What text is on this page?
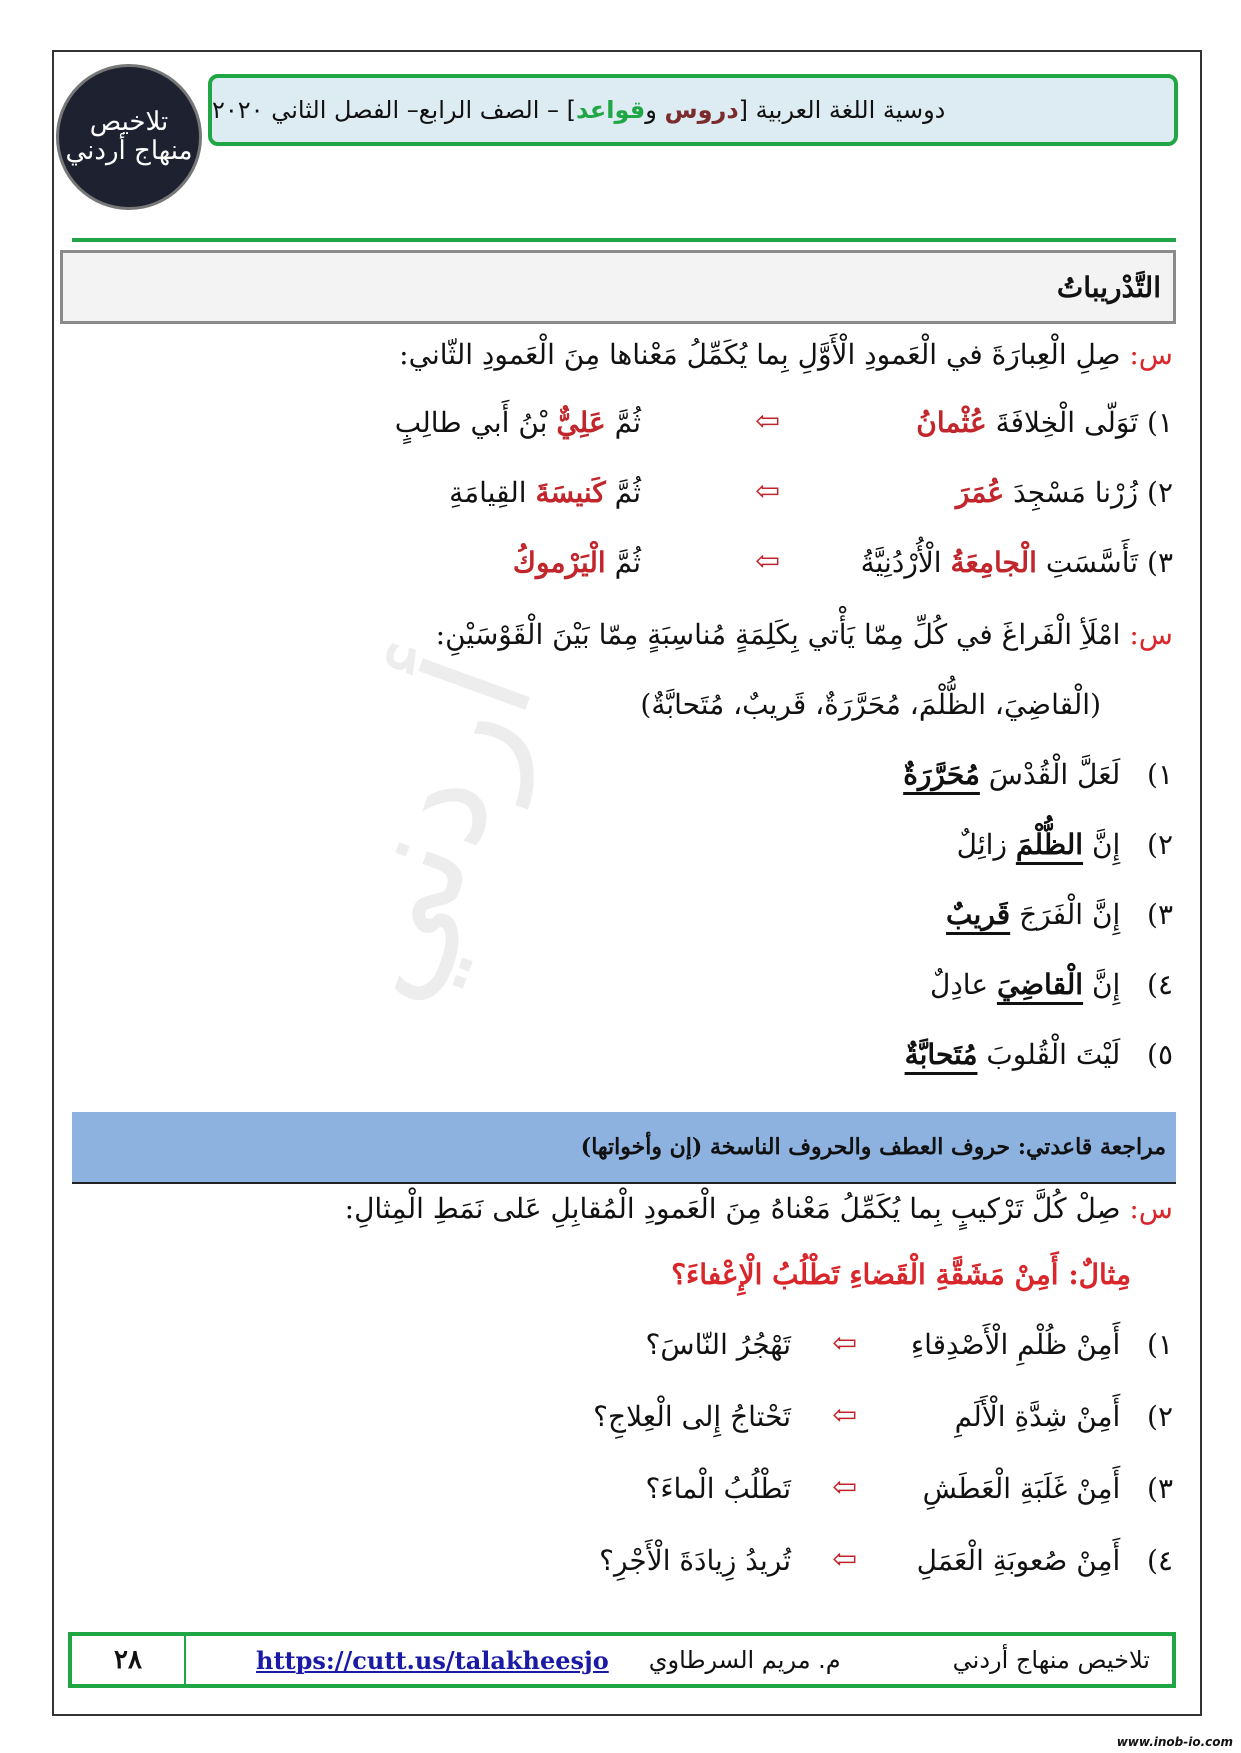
تلاخيص منهاج أردني
دوسية اللغة العربية [دروس وقواعد] – الصف الرابع– الفصل الثاني ٢٠٢٠
التَّدْريباتُ
أردني
س: صِلِ الْعِبارَةَ في الْعَمودِ الْأَوَّلِ بِما يُكَمِّلُ مَعْناها مِنَ الْعَمودِ الثّاني:
١) تَوَلّى الْخِلافَةَ عُثْمانُ
⇦
ثُمَّ عَلِيٌّ بْنُ أَبي طالِبٍ
٢) زُرْنا مَسْجِدَ عُمَرَ
⇦
ثُمَّ كَنيسَةَ القِيامَةِ
٣) تَأَسَّسَتِ الْجامِعَةُ الْأُرْدُنِيَّةُ
⇦
ثُمَّ الْيَرْموكُ
س: امْلَأِ الْفَراغَ في كُلِّ مِمّا يَأْتي بِكَلِمَةٍ مُناسِبَةٍ مِمّا بَيْنَ الْقَوْسَيْنِ:
(الْقاضِيَ، الظُّلْمَ، مُحَرَّرَةٌ، قَريبٌ، مُتَحابَّةٌ)
١)   لَعَلَّ الْقُدْسَ مُحَرَّرَةٌ
٢)   إِنَّ الظُّلْمَ زائِلٌ
٣)   إِنَّ الْفَرَجَ قَريبٌ
٤)   إِنَّ الْقاضِيَ عادِلٌ
٥)   لَيْتَ الْقُلوبَ مُتَحابَّةٌ
مراجعة قاعدتي: حروف العطف والحروف الناسخة (إن وأخواتها)
س: صِلْ كُلَّ تَرْكيبٍ بِما يُكَمِّلُ مَعْناهُ مِنَ الْعَمودِ الْمُقابِلِ عَلى نَمَطِ الْمِثالِ:
مِثالٌ: أَمِنْ مَشَقَّةِ الْقَضاءِ تَطْلُبُ الْإِعْفاءَ؟
١)   أَمِنْ ظُلْمِ الْأَصْدِقاءِ
⇦
تَهْجُرُ النّاسَ؟
٢)   أَمِنْ شِدَّةِ الْأَلَمِ
⇦
تَحْتاجُ إِلى الْعِلاجِ؟
٣)   أَمِنْ غَلَبَةِ الْعَطَشِ
⇦
تَطْلُبُ الْماءَ؟
٤)   أَمِنْ صُعوبَةِ الْعَمَلِ
⇦
تُريدُ زِيادَةَ الْأَجْرِ؟
٢٨	https://cutt.us/talakheesjo م. مريم السرطاوي	تلاخيص منهاج أردني
www.inob-io.com
